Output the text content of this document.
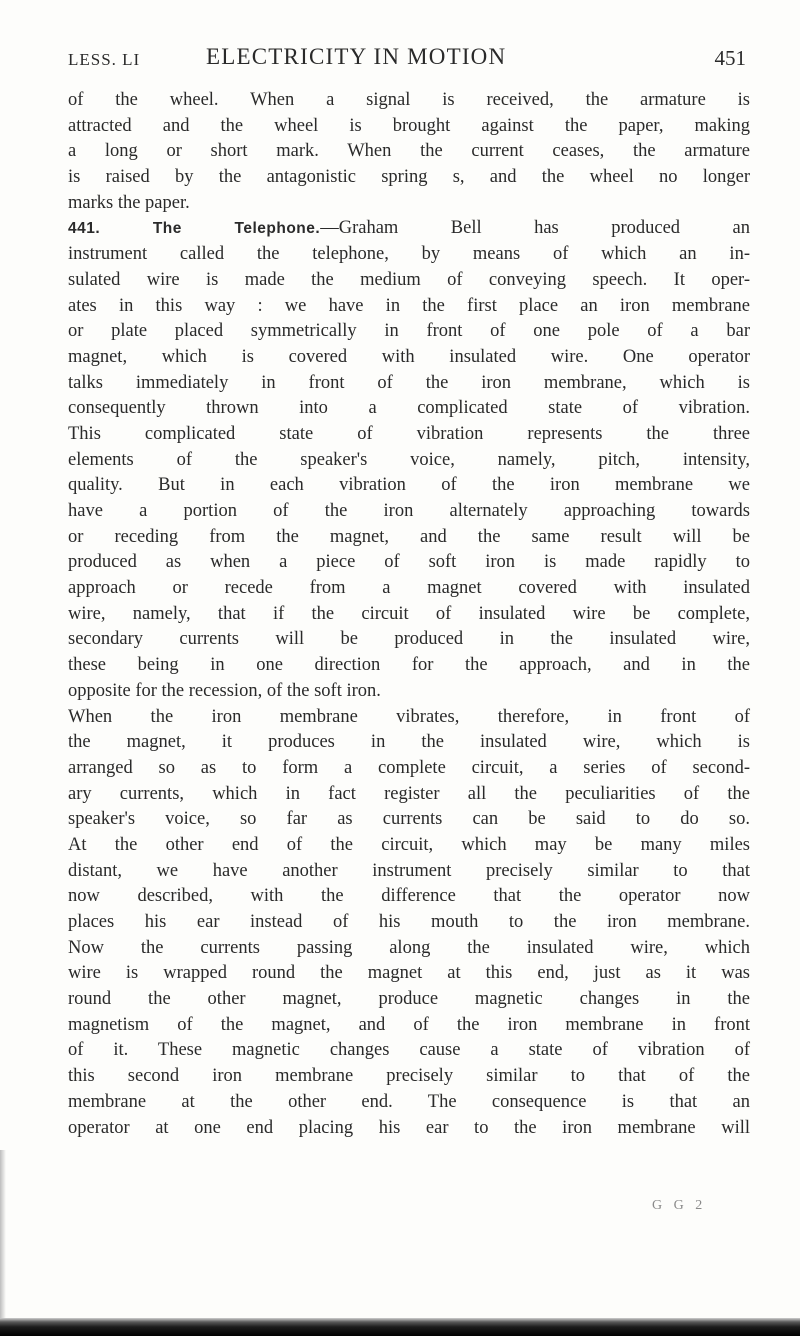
LESS. LI	ELECTRICITY IN MOTION	451
of the wheel. When a signal is received, the armature is
attracted and the wheel is brought against the paper, making
a long or short mark. When the current ceases, the armature
is raised by the antagonistic spring s, and the wheel no longer
marks the paper.
441. The Telephone.—Graham Bell has produced an
instrument called the telephone, by means of which an in-
sulated wire is made the medium of conveying speech. It oper-
ates in this way : we have in the first place an iron membrane
or plate placed symmetrically in front of one pole of a bar
magnet, which is covered with insulated wire. One operator
talks immediately in front of the iron membrane, which is
consequently thrown into a complicated state of vibration.
This complicated state of vibration represents the three
elements of the speaker's voice, namely, pitch, intensity,
quality. But in each vibration of the iron membrane we
have a portion of the iron alternately approaching towards
or receding from the magnet, and the same result will be
produced as when a piece of soft iron is made rapidly to
approach or recede from a magnet covered with insulated
wire, namely, that if the circuit of insulated wire be complete,
secondary currents will be produced in the insulated wire,
these being in one direction for the approach, and in the
opposite for the recession, of the soft iron.
When the iron membrane vibrates, therefore, in front of
the magnet, it produces in the insulated wire, which is
arranged so as to form a complete circuit, a series of second-
ary currents, which in fact register all the peculiarities of the
speaker's voice, so far as currents can be said to do so.
At the other end of the circuit, which may be many miles
distant, we have another instrument precisely similar to that
now described, with the difference that the operator now
places his ear instead of his mouth to the iron membrane.
Now the currents passing along the insulated wire, which
wire is wrapped round the magnet at this end, just as it was
round the other magnet, produce magnetic changes in the
magnetism of the magnet, and of the iron membrane in front
of it. These magnetic changes cause a state of vibration of
this second iron membrane precisely similar to that of the
membrane at the other end. The consequence is that an
operator at one end placing his ear to the iron membrane will
G G 2
